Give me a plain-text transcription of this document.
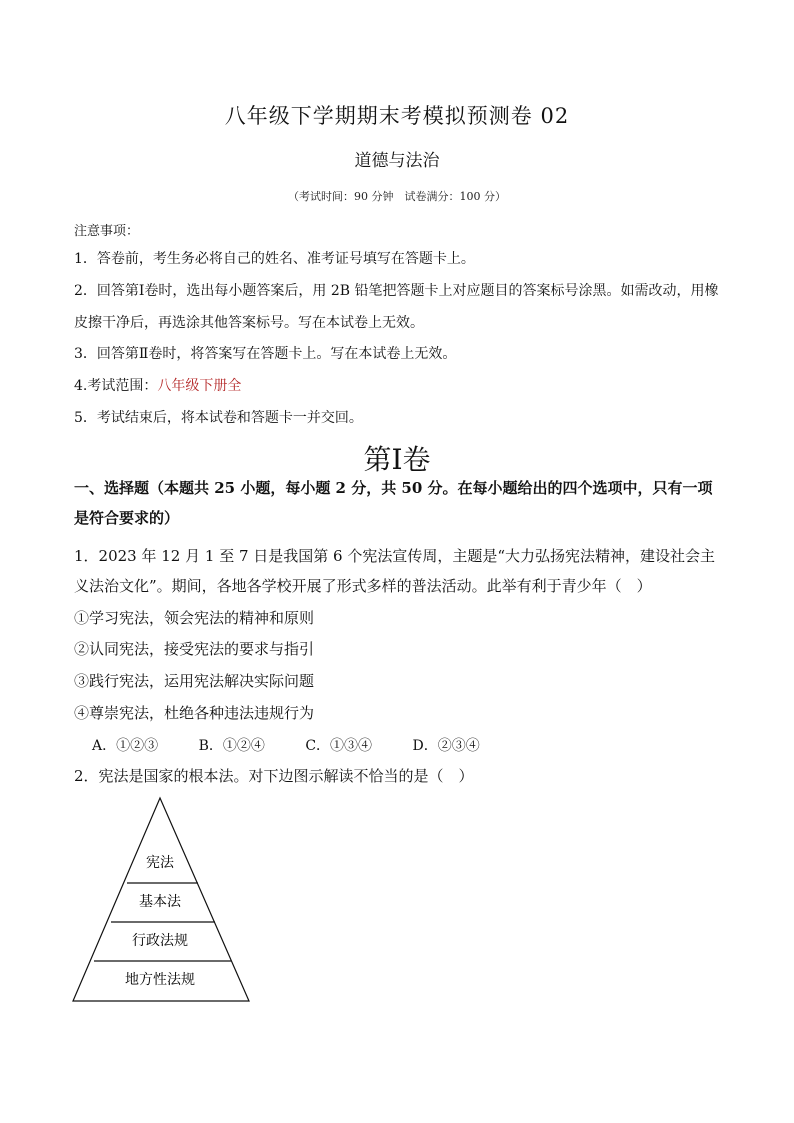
八年级下学期期末考模拟预测卷 02
道德与法治
（考试时间：90 分钟　试卷满分：100 分）
注意事项：
1．答卷前，考生务必将自己的姓名、准考证号填写在答题卡上。
2．回答第Ⅰ卷时，选出每小题答案后，用 2B 铅笔把答题卡上对应题目的答案标号涂黑。如需改动，用橡
皮擦干净后，再选涂其他答案标号。写在本试卷上无效。
3．回答第Ⅱ卷时，将答案写在答题卡上。写在本试卷上无效。
4.考试范围：八年级下册全
5．考试结束后，将本试卷和答题卡一并交回。
第Ⅰ卷
一、选择题（本题共 25 小题，每小题 2 分，共 50 分。在每小题给出的四个选项中，只有一项
是符合要求的）
1．2023 年 12 月 1 至 7 日是我国第 6 个宪法宣传周，主题是“大力弘扬宪法精神，建设社会主
义法治文化”。期间，各地各学校开展了形式多样的普法活动。此举有利于青少年（　）
①学习宪法，领会宪法的精神和原则
②认同宪法，接受宪法的要求与指引
③践行宪法，运用宪法解决实际问题
④尊崇宪法，杜绝各种违法违规行为
A．①②③	B．①②④	C．①③④	D．②③④
2．宪法是国家的根本法。对下边图示解读不恰当的是（　）
宪法
基本法
行政法规
地方性法规
